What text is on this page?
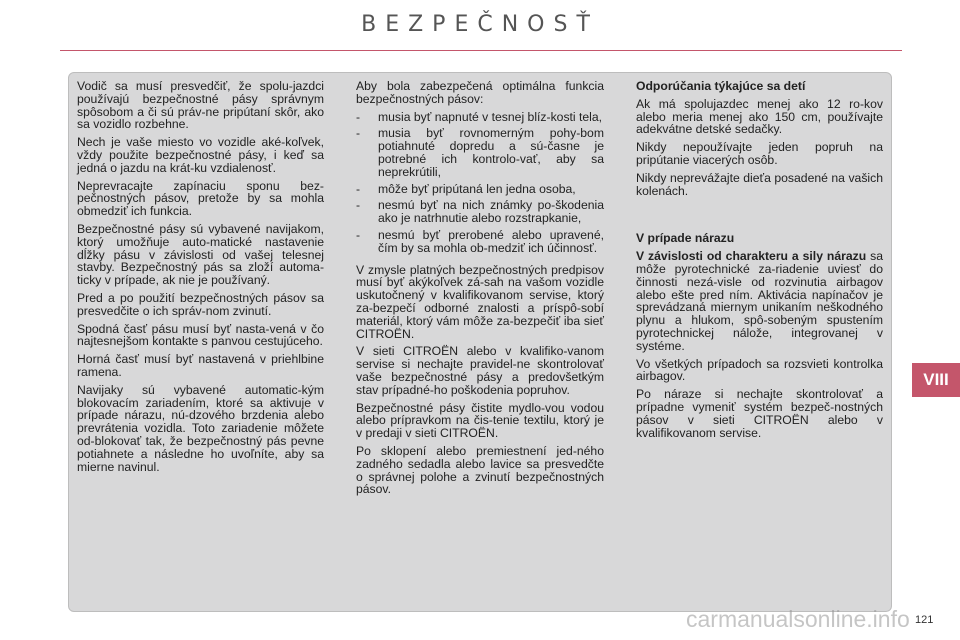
BEZPEČNOSŤ

Vodič sa musí presvedčiť, že spolu-jazdci používajú bezpečnostné pásy správnym spôsobom a či sú práv-ne pripútaní skôr, ako sa vozidlo rozbehne.

Nech je vaše miesto vo vozidle aké-koľvek, vždy použite bezpečnostné pásy, i keď sa jedná o jazdu na krát-ku vzdialenosť.

Neprevracajte zapínaciu sponu bez-pečnostných pásov, pretože by sa mohla obmedziť ich funkcia.

Bezpečnostné pásy sú vybavené navijakom, ktorý umožňuje auto-matické nastavenie dĺžky pásu v závislosti od vašej telesnej stavby. Bezpečnostný pás sa zloží automa-ticky v prípade, ak nie je používaný.

Pred a po použití bezpečnostných pásov sa presvedčite o ich správ-nom zvinutí.

Spodná časť pásu musí byť nasta-vená v čo najtesnejšom kontakte s panvou cestujúceho.

Horná časť musí byť nastavená v priehlbine ramena.

Navijaky sú vybavené automatic-kým blokovacím zariadením, ktoré sa aktivuje v prípade nárazu, nú-dzového brzdenia alebo prevrátenia vozidla. Toto zariadenie môžete od-blokovať tak, že bezpečnostný pás pevne potiahnete a následne ho uvoľníte, aby sa mierne navinul.

Aby bola zabezpečená optimálna funkcia bezpečnostných pásov:

- musia byť napnuté v tesnej blíz-kosti tela,
- musia byť rovnomerným pohy-bom potiahnuté dopredu a sú-časne je potrebné ich kontrolo-vať, aby sa neprekrútili,
- môže byť pripútaná len jedna osoba,
- nesmú byť na nich známky po-škodenia ako je natrhnutie alebo rozstrapkanie,
- nesmú byť prerobené alebo upravené, čím by sa mohla ob-medziť ich účinnosť.

V zmysle platných bezpečnostných predpisov musí byť akýkoľvek zá-sah na vašom vozidle uskutočnený v kvalifikovanom servise, ktorý za-bezpečí odborné znalosti a príspô-sobí materiál, ktorý vám môže za-bezpečiť iba sieť CITROËN.

V sieti CITROËN alebo v kvalifiko-vanom servise si nechajte pravidel-ne skontrolovať vaše bezpečnostné pásy a predovšetkým stav prípadné-ho poškodenia popruhov.

Bezpečnostné pásy čistite mydlo-vou vodou alebo prípravkom na čis-tenie textilu, ktorý je v predaji v sieti CITROËN.

Po sklopení alebo premiestnení jed-ného zadného sedadla alebo lavice sa presvedčte o správnej polohe a zvinutí bezpečnostných pásov.

Odporúčania týkajúce sa detí

Ak má spolujazdec menej ako 12 ro-kov alebo meria menej ako 150 cm, používajte adekvátne detské sedačky.

Nikdy nepoužívajte jeden popruh na pripútanie viacerých osôb.

Nikdy neprevážajte dieťa posadené na vašich kolenách.

V prípade nárazu

V závislosti od charakteru a sily nárazu sa môže pyrotechnické za-riadenie uviesť do činnosti nezá-visle od rozvinutia airbagov alebo ešte pred ním. Aktivácia napínačov je sprevádzaná miernym unikaním neškodného plynu a hlukom, spô-sobeným spustením pyrotechnickej nálože, integrovanej v systéme.

Vo všetkých prípadoch sa rozsvieti kontrolka airbagov.

Po náraze si nechajte skontrolovať a prípadne vymeniť systém bezpeč-nostných pásov v sieti CITROËN alebo v kvalifikovanom servise.

VIII
carmanualsonline.info 121
